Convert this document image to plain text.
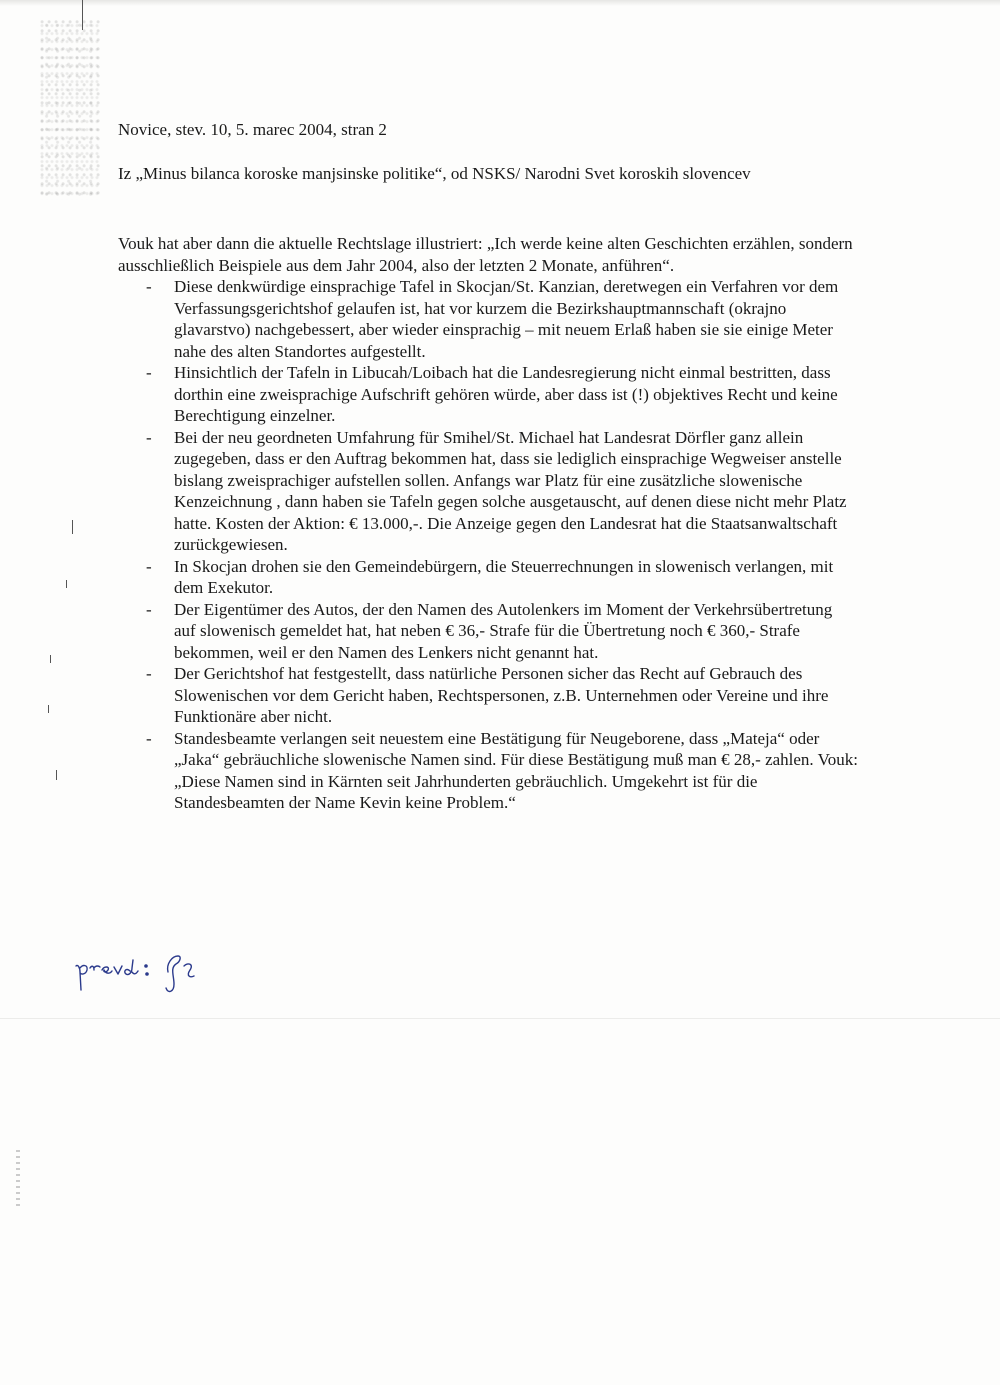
Novice, stev. 10, 5. marec 2004, stran 2
Iz „Minus bilanca koroske manjsinske politike“, od NSKS/ Narodni Svet koroskih slovencev

Vouk hat aber dann die aktuelle Rechtslage illustriert: „Ich werde keine alten Geschichten erzählen, sondern ausschließlich Beispiele aus dem Jahr 2004, also der letzten 2 Monate, anführen“.

- Diese denkwürdige einsprachige Tafel in Skocjan/St. Kanzian, deretwegen ein Verfahren vor dem Verfassungsgerichtshof gelaufen ist, hat vor kurzem die Bezirkshauptmannschaft (okrajno glavarstvo) nachgebessert, aber wieder einsprachig – mit neuem Erlaß haben sie sie einige Meter nahe des alten Standortes aufgestellt.
- Hinsichtlich der Tafeln in Libucah/Loibach hat die Landesregierung nicht einmal bestritten, dass dorthin eine zweisprachige Aufschrift gehören würde, aber dass ist (!) objektives Recht und keine Berechtigung einzelner.
- Bei der neu geordneten Umfahrung für Smihel/St. Michael hat Landesrat Dörfler ganz allein zugegeben, dass er den Auftrag bekommen hat, dass sie lediglich einsprachige Wegweiser anstelle bislang zweisprachiger aufstellen sollen. Anfangs war Platz für eine zusätzliche slowenische Kenzeichnung , dann haben sie Tafeln gegen solche ausgetauscht, auf denen diese nicht mehr Platz hatte. Kosten der Aktion: € 13.000,-. Die Anzeige gegen den Landesrat hat die Staatsanwaltschaft zurückgewiesen.
- In Skocjan drohen sie den Gemeindebürgern, die Steuerrechnungen in slowenisch verlangen, mit dem Exekutor.
- Der Eigentümer des Autos, der den Namen des Autolenkers im Moment der Verkehrsübertretung auf slowenisch gemeldet hat, hat neben € 36,- Strafe für die Übertretung noch € 360,- Strafe bekommen, weil er den Namen des Lenkers nicht genannt hat.
- Der Gerichtshof hat festgestellt, dass natürliche Personen sicher das Recht auf Gebrauch des Slowenischen vor dem Gericht haben, Rechtspersonen, z.B. Unternehmen oder Vereine und ihre Funktionäre aber nicht.
- Standesbeamte verlangen seit neuestem eine Bestätigung für Neugeborene, dass „Mateja“ oder „Jaka“ gebräuchliche slowenische Namen sind. Für diese Bestätigung muß man € 28,- zahlen. Vouk: „Diese Namen sind in Kärnten seit Jahrhunderten gebräuchlich. Umgekehrt ist für die Standesbeamten der Name Kevin keine Problem.“
